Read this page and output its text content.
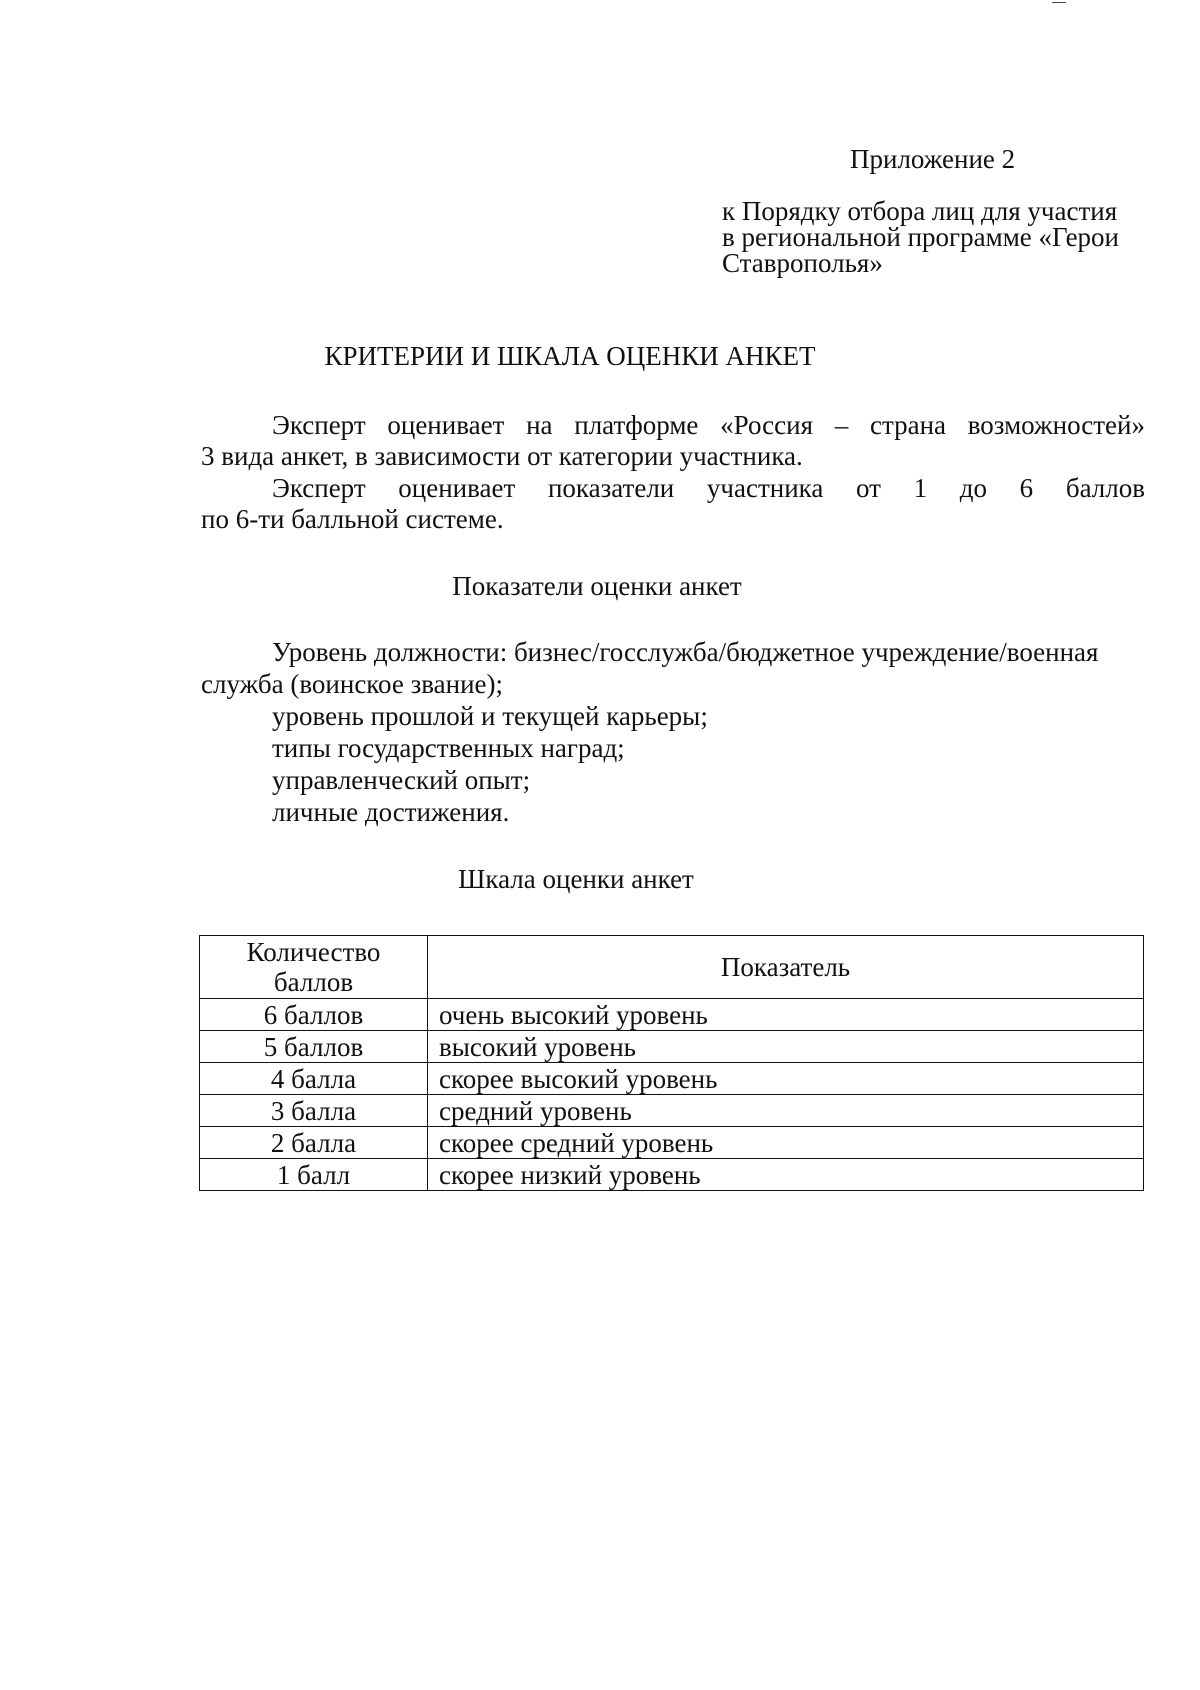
Приложение 2
к Порядку отбора лиц для участия
в региональной программе «Герои
Ставрополья»
КРИТЕРИИ И ШКАЛА ОЦЕНКИ АНКЕТ
Эксперт оценивает на платформе «Россия – страна возможностей»
3 вида анкет, в зависимости от категории участника.
Эксперт оценивает показатели участника от 1 до 6 баллов
по 6-ти балльной системе.
Показатели оценки анкет
Уровень должности: бизнес/госслужба/бюджетное учреждение/военная
служба (воинское звание);
уровень прошлой и текущей карьеры;
типы государственных наград;
управленческий опыт;
личные достижения.
Шкала оценки анкет
Количество
баллов	Показатель
6 баллов	очень высокий уровень
5 баллов	высокий уровень
4 балла	скорее высокий уровень
3 балла	средний уровень
2 балла	скорее средний уровень
1 балл	скорее низкий уровень
